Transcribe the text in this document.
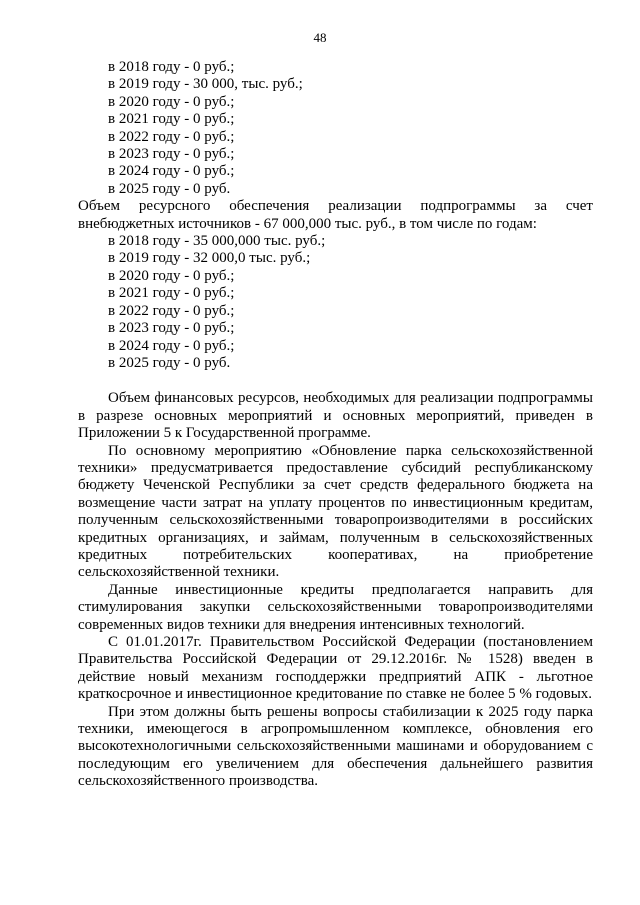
48
в 2018 году - 0 руб.;
в 2019 году - 30 000, тыс. руб.;
в 2020 году - 0 руб.;
в 2021 году - 0 руб.;
в 2022 году - 0 руб.;
в 2023 году - 0 руб.;
в 2024 году - 0 руб.;
в 2025 году - 0 руб.
Объем ресурсного обеспечения реализации подпрограммы за счет внебюджетных источников - 67 000,000 тыс. руб., в том числе по годам:
в 2018 году - 35 000,000 тыс. руб.;
в 2019 году - 32 000,0 тыс. руб.;
в 2020 году - 0 руб.;
в 2021 году - 0 руб.;
в 2022 году - 0 руб.;
в 2023 году - 0 руб.;
в 2024 году - 0 руб.;
в 2025 году - 0 руб.
Объем финансовых ресурсов, необходимых для реализации подпрограммы в разрезе основных мероприятий и основных мероприятий, приведен в Приложении 5 к Государственной программе.
По основному мероприятию «Обновление парка сельскохозяйственной техники» предусматривается предоставление субсидий республиканскому бюджету Чеченской Республики за счет средств федерального бюджета на возмещение части затрат на уплату процентов по инвестиционным кредитам, полученным сельскохозяйственными товаропроизводителями в российских кредитных организациях, и займам, полученным в сельскохозяйственных кредитных потребительских кооперативах, на приобретение сельскохозяйственной техники.
Данные инвестиционные кредиты предполагается направить для стимулирования закупки сельскохозяйственными товаропроизводителями современных видов техники для внедрения интенсивных технологий.
С 01.01.2017г. Правительством Российской Федерации (постановлением Правительства Российской Федерации от 29.12.2016г. № 1528) введен в действие новый механизм господдержки предприятий АПК - льготное краткосрочное и инвестиционное кредитование по ставке не более 5 % годовых.
При этом должны быть решены вопросы стабилизации к 2025 году парка техники, имеющегося в агропромышленном комплексе, обновления его высокотехнологичными сельскохозяйственными машинами и оборудованием с последующим его увеличением для обеспечения дальнейшего развития сельскохозяйственного производства.
